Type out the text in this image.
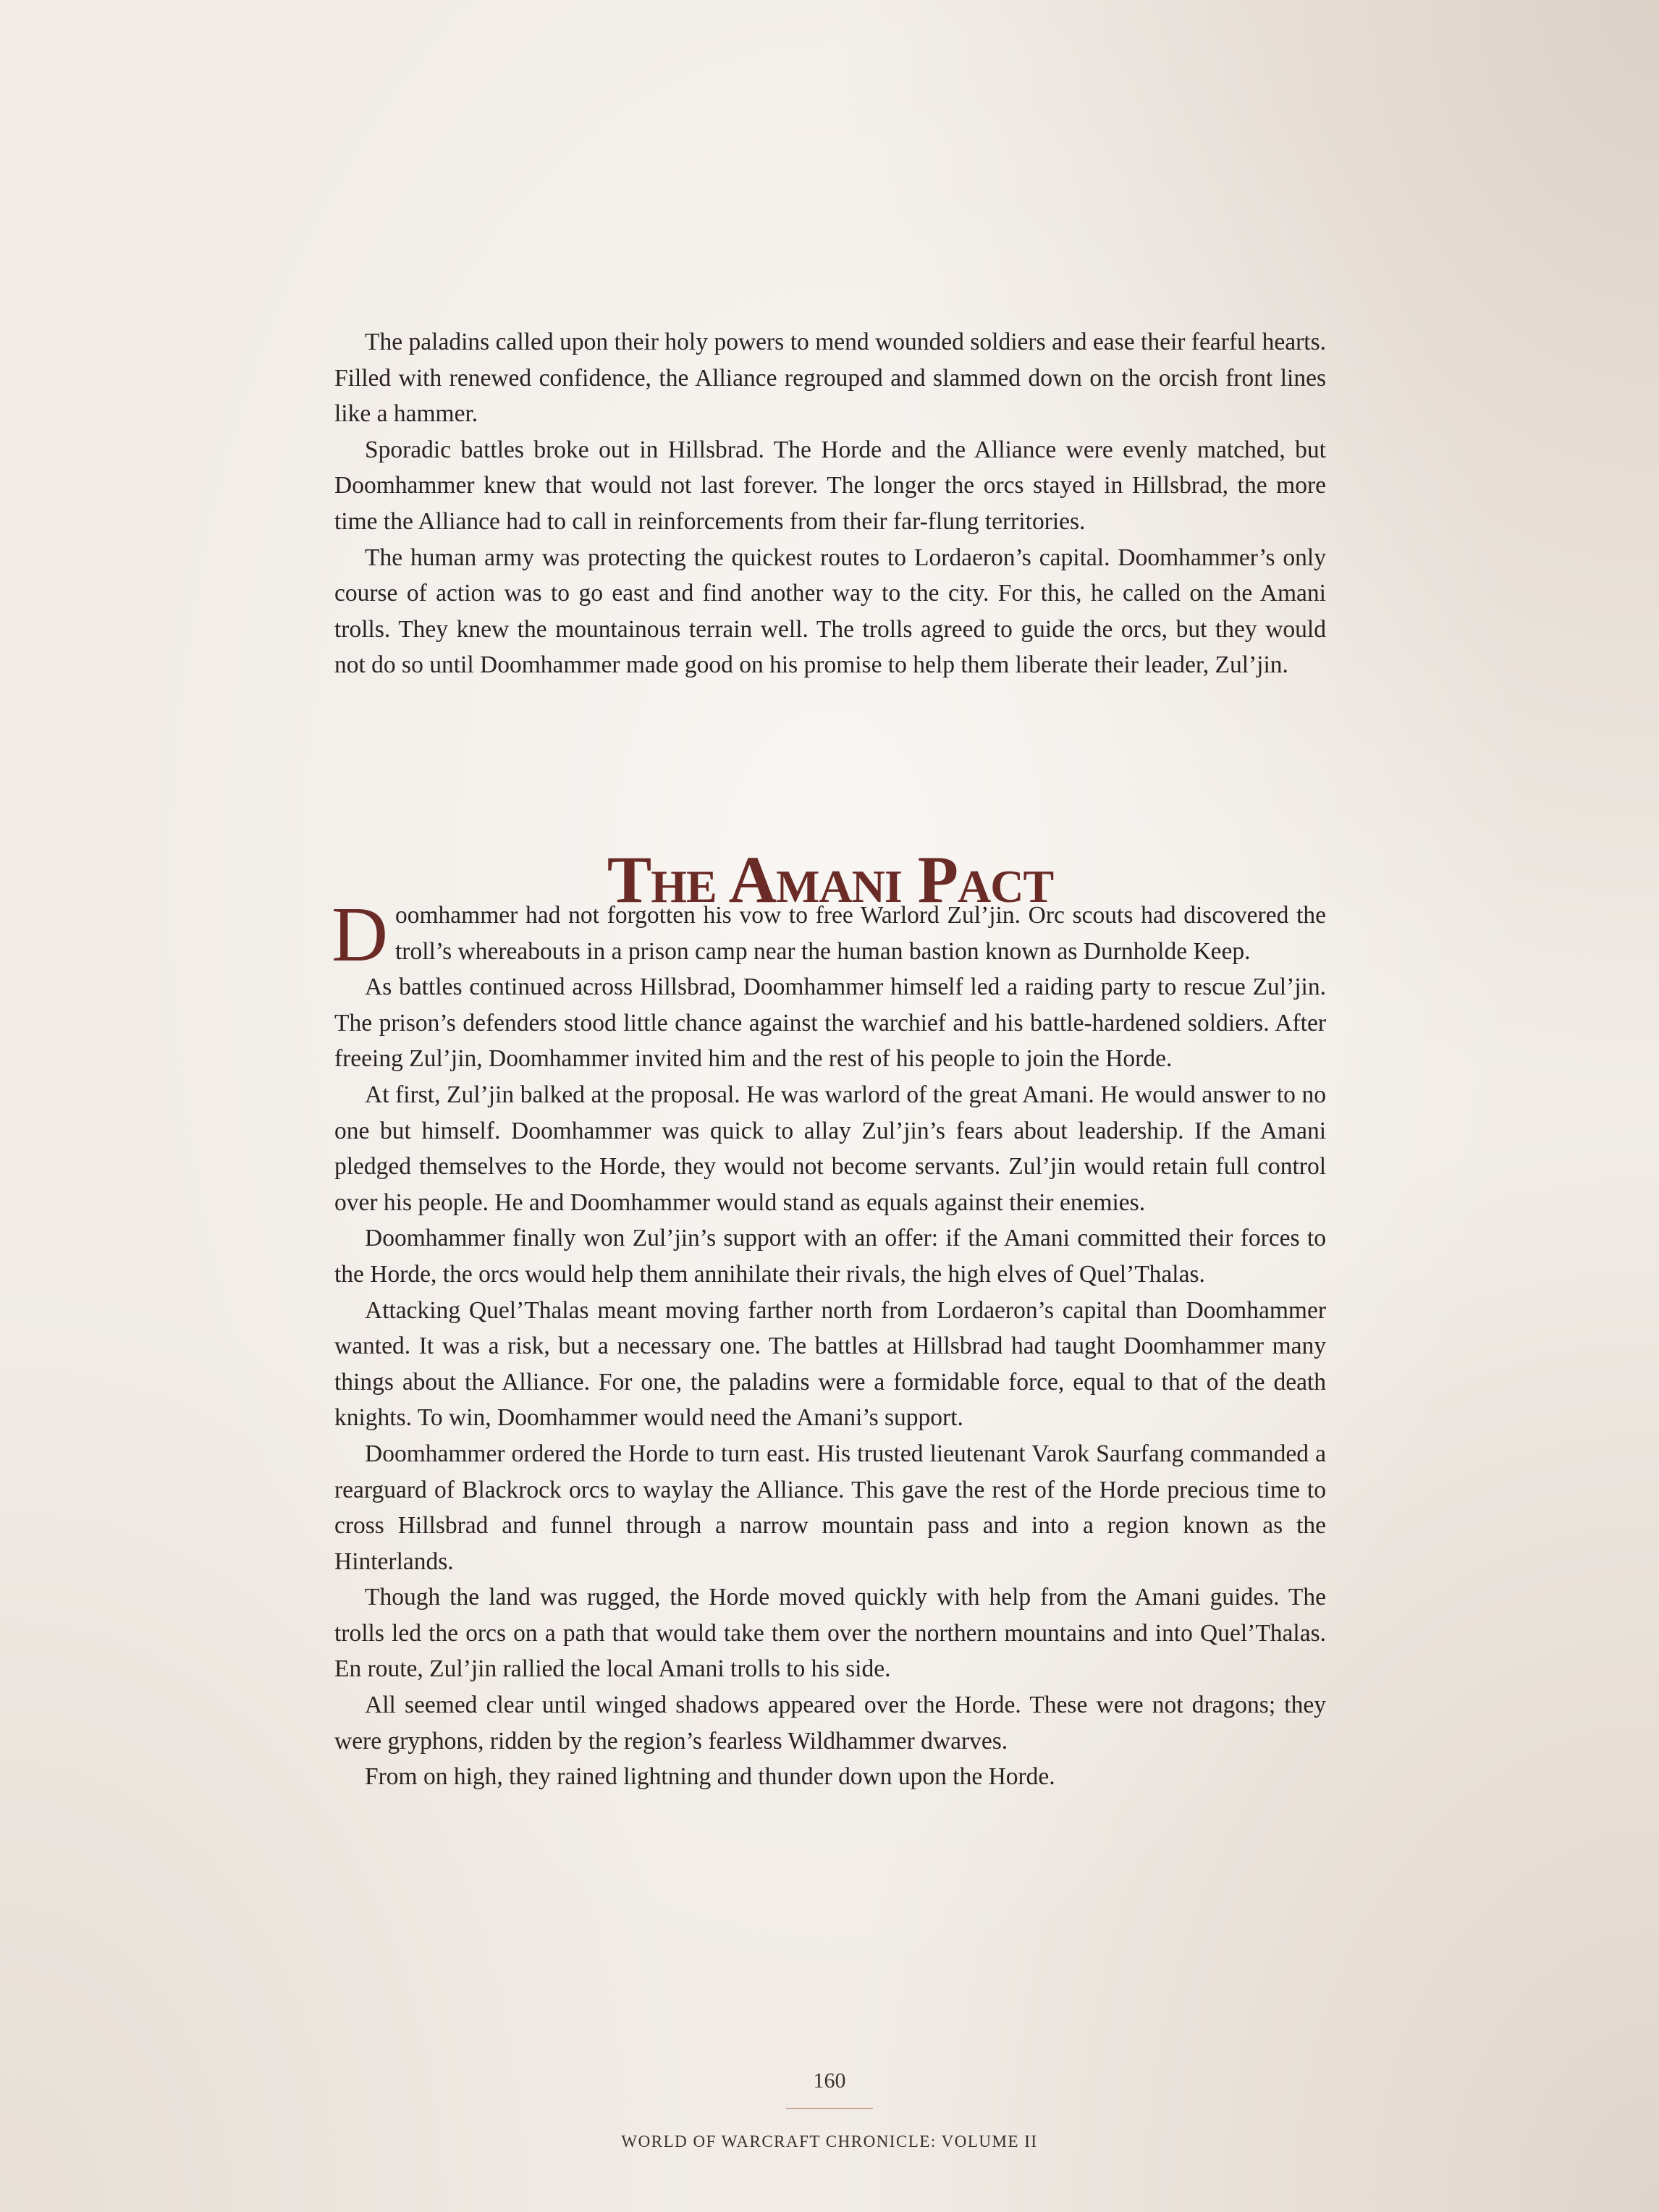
The paladins called upon their holy powers to mend wounded soldiers and ease their fearful hearts. Filled with renewed confidence, the Alliance regrouped and slammed down on the orcish front lines like a hammer.

Sporadic battles broke out in Hillsbrad. The Horde and the Alliance were evenly matched, but Doomhammer knew that would not last forever. The longer the orcs stayed in Hillsbrad, the more time the Alliance had to call in reinforcements from their far-flung territories.

The human army was protecting the quickest routes to Lordaeron’s capital. Doomhammer’s only course of action was to go east and find another way to the city. For this, he called on the Amani trolls. They knew the mountainous terrain well. The trolls agreed to guide the orcs, but they would not do so until Doomhammer made good on his promise to help them liberate their leader, Zul’jin.

The Amani Pact

Doomhammer had not forgotten his vow to free Warlord Zul’jin. Orc scouts had discovered the troll’s whereabouts in a prison camp near the human bastion known as Durnholde Keep.

As battles continued across Hillsbrad, Doomhammer himself led a raiding party to rescue Zul’jin. The prison’s defenders stood little chance against the warchief and his battle-hardened soldiers. After freeing Zul’jin, Doomhammer invited him and the rest of his people to join the Horde.

At first, Zul’jin balked at the proposal. He was warlord of the great Amani. He would answer to no one but himself. Doomhammer was quick to allay Zul’jin’s fears about leadership. If the Amani pledged themselves to the Horde, they would not become servants. Zul’jin would retain full control over his people. He and Doomhammer would stand as equals against their enemies.

Doomhammer finally won Zul’jin’s support with an offer: if the Amani committed their forces to the Horde, the orcs would help them annihilate their rivals, the high elves of Quel’Thalas.

Attacking Quel’Thalas meant moving farther north from Lordaeron’s capital than Doomhammer wanted. It was a risk, but a necessary one. The battles at Hillsbrad had taught Doomhammer many things about the Alliance. For one, the paladins were a formidable force, equal to that of the death knights. To win, Doomhammer would need the Amani’s support.

Doomhammer ordered the Horde to turn east. His trusted lieutenant Varok Saurfang commanded a rearguard of Blackrock orcs to waylay the Alliance. This gave the rest of the Horde precious time to cross Hillsbrad and funnel through a narrow mountain pass and into a region known as the Hinterlands.

Though the land was rugged, the Horde moved quickly with help from the Amani guides. The trolls led the orcs on a path that would take them over the northern mountains and into Quel’Thalas. En route, Zul’jin rallied the local Amani trolls to his side.

All seemed clear until winged shadows appeared over the Horde. These were not dragons; they were gryphons, ridden by the region’s fearless Wildhammer dwarves.

From on high, they rained lightning and thunder down upon the Horde.

160
WORLD OF WARCRAFT CHRONICLE: VOLUME II
